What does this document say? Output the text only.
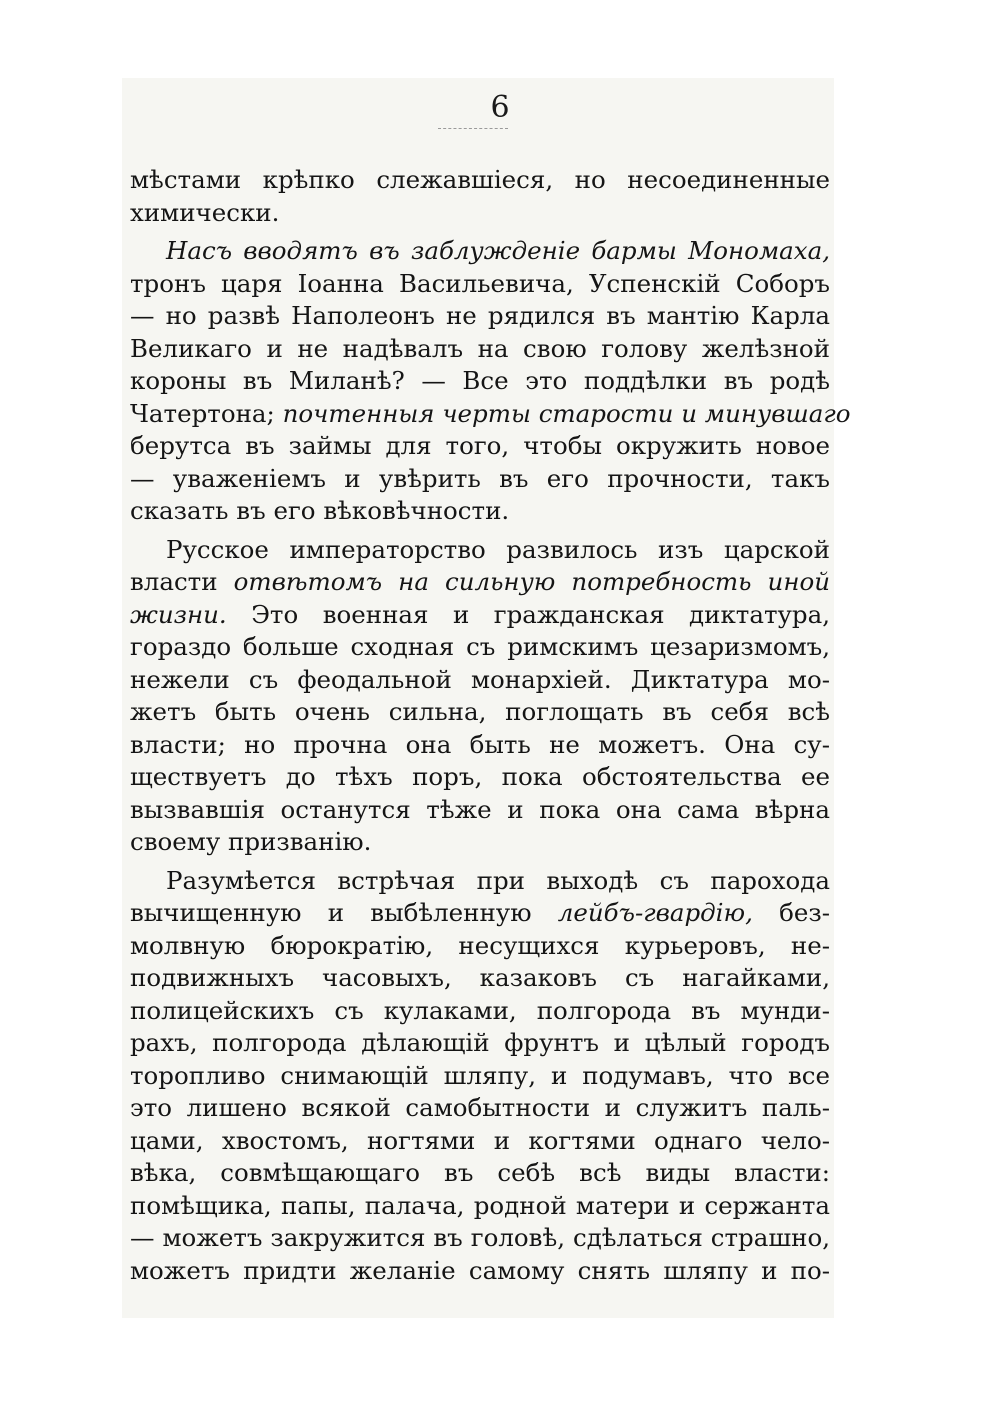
6
мѣстами крѣпко слежавшіеся, но несоединенные
химически.
Насъ вводятъ въ заблужденіе бармы Мономаха,
тронъ царя Іоанна Васильевича, Успенскій Соборъ
— но развѣ Наполеонъ не рядился въ мантію Карла
Великаго и не надѣвалъ на свою голову желѣзной
короны въ Миланѣ? — Все это поддѣлки въ родѣ
Чатертона; почтенныя черты старости и минувшаго
берутса въ займы для того, чтобы окружить новое
— уваженіемъ и увѣрить въ его прочности, такъ
сказать въ его вѣковѣчности.
Русское императорство развилось изъ царской
власти отвѣтомъ на сильную потребность иной
жизни. Это военная и гражданская диктатура,
гораздо больше сходная съ римскимъ цезаризмомъ,
нежели съ феодальной монархіей. Диктатура мо-
жетъ быть очень сильна, поглощать въ себя всѣ
власти; но прочна она быть не можетъ. Она су-
ществуетъ до тѣхъ поръ, пока обстоятельства ее
вызвавшія останутся тѣже и пока она сама вѣрна
своему призванію.
Разумѣется встрѣчая при выходѣ съ парохода
вычищенную и выбѣленную лейбъ-гвардію, без-
молвную бюрократію, несущихся курьеровъ, не-
подвижныхъ часовыхъ, казаковъ съ нагайками,
полицейскихъ съ кулаками, полгорода въ мунди-
рахъ, полгорода дѣлающій фрунтъ и цѣлый городъ
торопливо снимающій шляпу, и подумавъ, что все
это лишено всякой самобытности и служитъ паль-
цами, хвостомъ, ногтями и когтями однаго чело-
вѣка, совмѣщающаго въ себѣ всѣ виды власти:
помѣщика, папы, палача, родной матери и сержанта
— можетъ закружится въ головѣ, сдѣлаться страшно,
можетъ придти желаніе самому снять шляпу и по-
